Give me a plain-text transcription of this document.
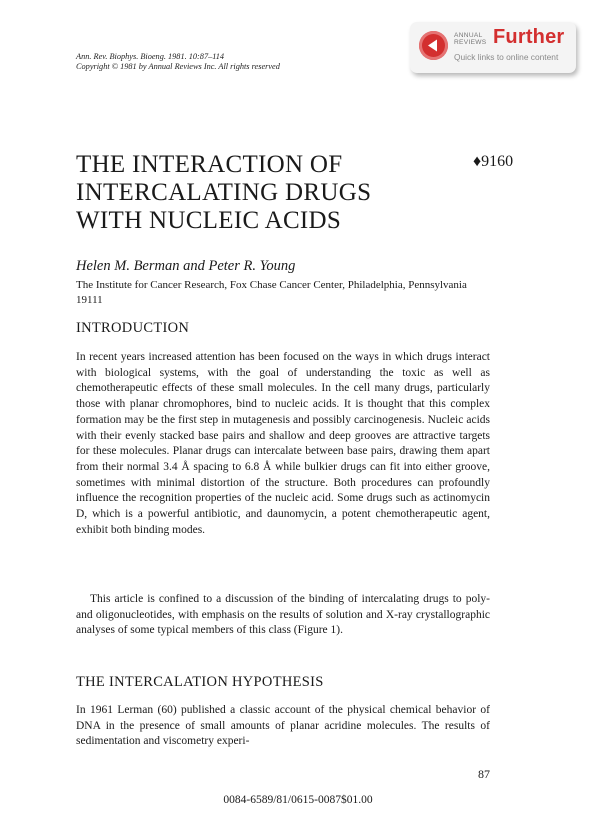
Ann. Rev. Biophys. Bioeng. 1981. 10:87–114
Copyright © 1981 by Annual Reviews Inc. All rights reserved
ANNUAL
REVIEWS Further
Quick links to online content
THE INTERACTION OF INTERCALATING DRUGS WITH NUCLEIC ACIDS
♦9160
Helen M. Berman and Peter R. Young
The Institute for Cancer Research, Fox Chase Cancer Center, Philadelphia, Pennsylvania 19111
INTRODUCTION
In recent years increased attention has been focused on the ways in which drugs interact with biological systems, with the goal of understanding the toxic as well as chemotherapeutic effects of these small molecules. In the cell many drugs, particularly those with planar chromophores, bind to nucleic acids. It is thought that this complex formation may be the first step in mutagenesis and possibly carcinogenesis. Nucleic acids with their evenly stacked base pairs and shallow and deep grooves are attractive targets for these molecules. Planar drugs can intercalate between base pairs, drawing them apart from their normal 3.4 Å spacing to 6.8 Å while bulkier drugs can fit into either groove, sometimes with minimal distortion of the structure. Both procedures can profoundly influence the recognition properties of the nucleic acid. Some drugs such as actinomycin D, which is a powerful antibiotic, and daunomycin, a potent chemotherapeutic agent, exhibit both binding modes.
This article is confined to a discussion of the binding of intercalating drugs to poly- and oligonucleotides, with emphasis on the results of solution and X-ray crystallographic analyses of some typical members of this class (Figure 1).
THE INTERCALATION HYPOTHESIS
In 1961 Lerman (60) published a classic account of the physical chemical behavior of DNA in the presence of small amounts of planar acridine molecules. The results of sedimentation and viscometry experi-
87
0084-6589/81/0615-0087$01.00
